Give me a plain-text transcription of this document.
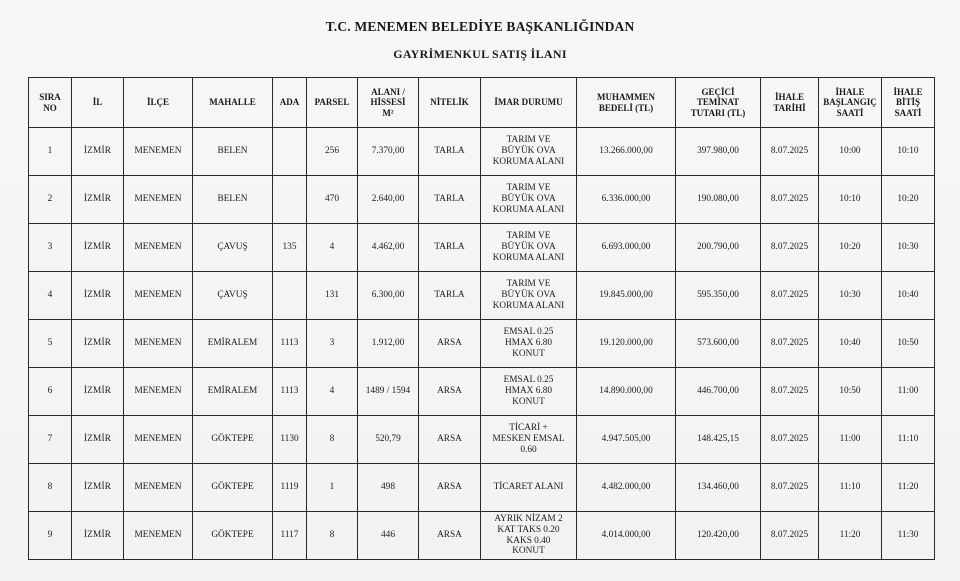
T.C. MENEMEN BELEDİYE BAŞKANLIĞINDAN
GAYRİMENKUL SATIŞ İLANI
SIRA
NO	İL	İLÇE	MAHALLE	ADA	PARSEL	ALANI /
HİSSESİ
M²	NİTELİK	İMAR DURUMU	MUHAMMEN
BEDELİ (TL)	GEÇİCİ
TEMİNAT
TUTARI (TL)	İHALE
TARİHİ	İHALE
BAŞLANGIÇ
SAATİ	İHALE
BİTİŞ
SAATİ

1	İZMİR	MENEMEN	BELEN		256	7.370,00	TARLA	TARIM VE
BÜYÜK OVA
KORUMA ALANI	13.266.000,00	397.980,00	8.07.2025	10:00	10:10
2	İZMİR	MENEMEN	BELEN		470	2.640,00	TARLA	TARIM VE
BÜYÜK OVA
KORUMA ALANI	6.336.000,00	190.080,00	8.07.2025	10:10	10:20
3	İZMİR	MENEMEN	ÇAVUŞ	135	4	4.462,00	TARLA	TARIM VE
BÜYÜK OVA
KORUMA ALANI	6.693.000,00	200.790,00	8.07.2025	10:20	10:30
4	İZMİR	MENEMEN	ÇAVUŞ		131	6.300,00	TARLA	TARIM VE
BÜYÜK OVA
KORUMA ALANI	19.845.000,00	595.350,00	8.07.2025	10:30	10:40
5	İZMİR	MENEMEN	EMİRALEM	1113	3	1.912,00	ARSA	EMSAL 0.25
HMAX 6.80
KONUT	19.120.000,00	573.600,00	8.07.2025	10:40	10:50
6	İZMİR	MENEMEN	EMİRALEM	1113	4	1489 / 1594	ARSA	EMSAL 0.25
HMAX 6.80
KONUT	14.890.000,00	446.700,00	8.07.2025	10:50	11:00
7	İZMİR	MENEMEN	GÖKTEPE	1130	8	520,79	ARSA	TİCARİ +
MESKEN EMSAL
0.60	4.947.505,00	148.425,15	8.07.2025	11:00	11:10
8	İZMİR	MENEMEN	GÖKTEPE	1119	1	498	ARSA	TİCARET ALANI	4.482.000,00	134.460,00	8.07.2025	11:10	11:20
9	İZMİR	MENEMEN	GÖKTEPE	1117	8	446	ARSA	AYRIK NİZAM 2
KAT TAKS 0.20
KAKS 0.40
KONUT	4.014.000,00	120.420,00	8.07.2025	11:20	11:30
